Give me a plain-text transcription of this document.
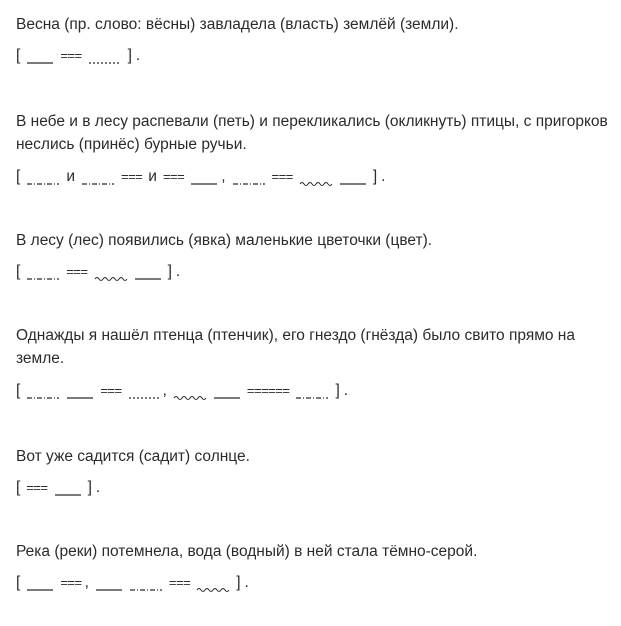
Весна (пр. слово: вёсны) завладела (власть) землёй (земли).

[	===	] .

В небе и в лесу распевали (петь) и перекликались (окликнуть) птицы, с пригорков неслись (принёс) бурные ручьи.

[	и	=== и === ,	===	] .

В лесу (лес) появились (явка) маленькие цветочки (цвет).

[	===	] .

Однажды я нашёл птенца (птенчик), его гнездо (гнёзда) было свито прямо на земле.

[	===	,	======	] .

Вот уже садится (садит) солнце.

[ ===	] .

Река (реки) потемнела, вода (водный) в ней стала тёмно-серой.

[	=== ,	===	] .
